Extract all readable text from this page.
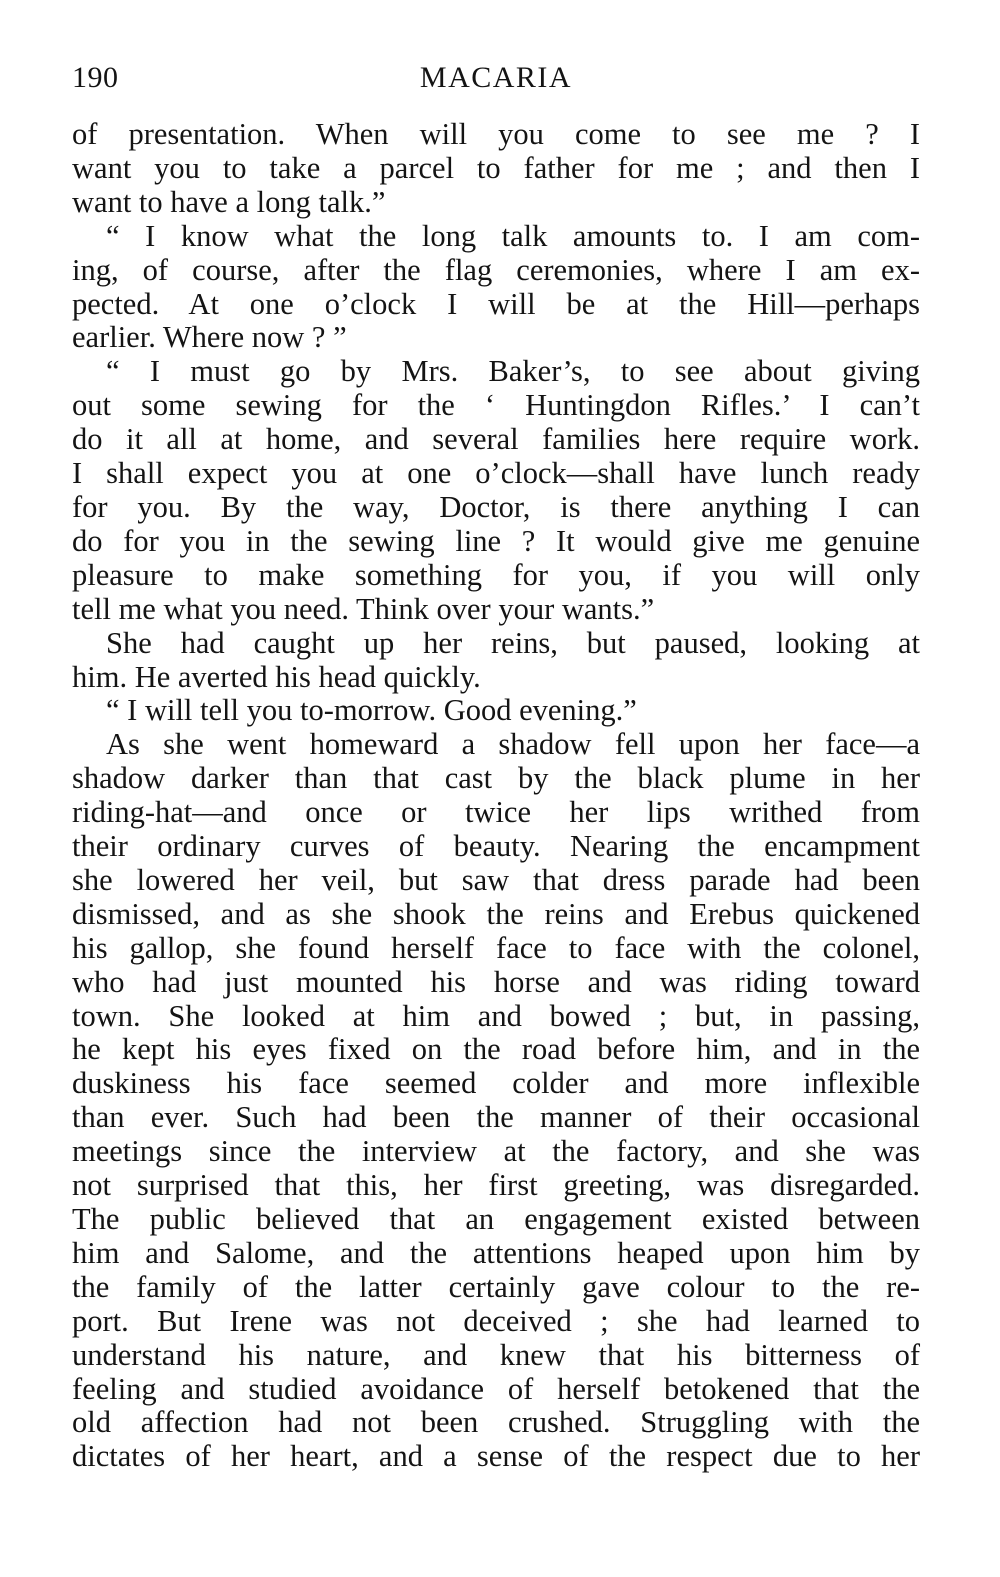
190	MACARIA

of presentation. When will you come to see me ? I
want you to take a parcel to father for me ; and then I
want to have a long talk.”

“ I know what the long talk amounts to. I am com-
ing, of course, after the flag ceremonies, where I am ex-
pected. At one o’clock I will be at the Hill—perhaps
earlier. Where now ? ”

“ I must go by Mrs. Baker’s, to see about giving
out some sewing for the ‘ Huntingdon Rifles.’ I can’t
do it all at home, and several families here require work.
I shall expect you at one o’clock—shall have lunch ready
for you. By the way, Doctor, is there anything I can
do for you in the sewing line ? It would give me genuine
pleasure to make something for you, if you will only
tell me what you need. Think over your wants.”

She had caught up her reins, but paused, looking at
him. He averted his head quickly.

“ I will tell you to-morrow. Good evening.”

As she went homeward a shadow fell upon her face—a
shadow darker than that cast by the black plume in her
riding-hat—and once or twice her lips writhed from
their ordinary curves of beauty. Nearing the encampment
she lowered her veil, but saw that dress parade had been
dismissed, and as she shook the reins and Erebus quickened
his gallop, she found herself face to face with the colonel,
who had just mounted his horse and was riding toward
town. She looked at him and bowed ; but, in passing,
he kept his eyes fixed on the road before him, and in the
duskiness his face seemed colder and more inflexible
than ever. Such had been the manner of their occasional
meetings since the interview at the factory, and she was
not surprised that this, her first greeting, was disregarded.
The public believed that an engagement existed between
him and Salome, and the attentions heaped upon him by
the family of the latter certainly gave colour to the re-
port. But Irene was not deceived ; she had learned to
understand his nature, and knew that his bitterness of
feeling and studied avoidance of herself betokened that the
old affection had not been crushed. Struggling with the
dictates of her heart, and a sense of the respect due to her
